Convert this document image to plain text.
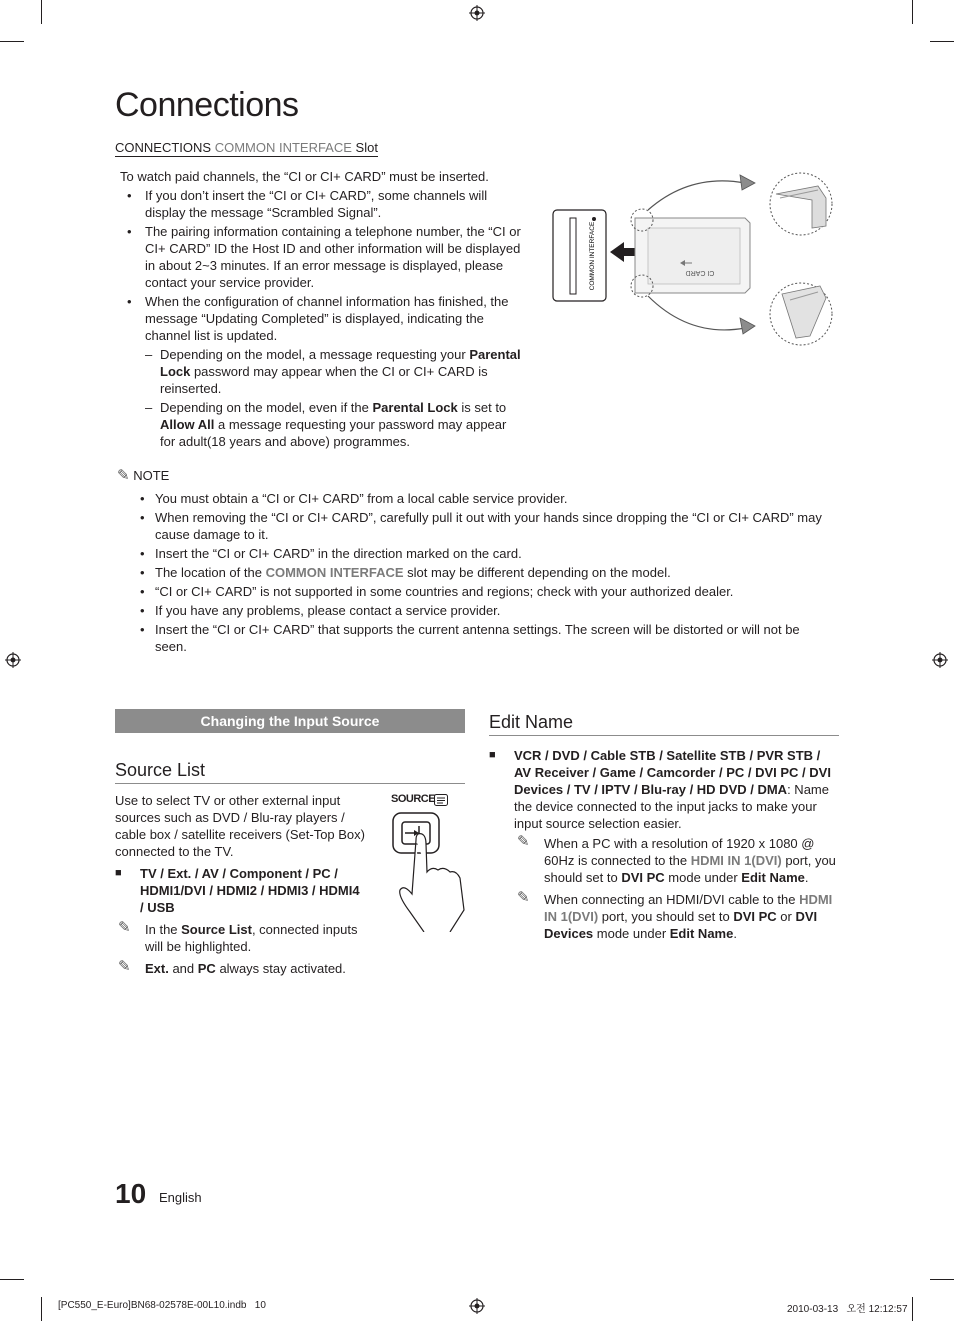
Connections
CONNECTIONS COMMON INTERFACE Slot
To watch paid channels, the “CI or CI+ CARD” must be inserted.
• If you don’t insert the “CI or CI+ CARD”, some channels will display the message “Scrambled Signal”.
• The pairing information containing a telephone number, the “CI or CI+ CARD” ID the Host ID and other information will be displayed in about 2~3 minutes. If an error message is displayed, please contact your service provider.
• When the configuration of channel information has finished, the message “Updating Completed” is displayed, indicating the channel list is updated.
– Depending on the model, a message requesting your Parental Lock password may appear when the CI or CI+ CARD is reinserted.
– Depending on the model, even if the Parental Lock is set to Allow All a message requesting your password may appear for adult(18 years and above) programmes.
COMMON INTERFACE	CI CARD
✎ NOTE
• You must obtain a “CI or CI+ CARD” from a local cable service provider.
• When removing the “CI or CI+ CARD”, carefully pull it out with your hands since dropping the “CI or CI+ CARD” may cause damage to it.
• Insert the “CI or CI+ CARD” in the direction marked on the card.
• The location of the COMMON INTERFACE slot may be different depending on the model.
• “CI or CI+ CARD” is not supported in some countries and regions; check with your authorized dealer.
• If you have any problems, please contact a service provider.
• Insert the “CI or CI+ CARD” that supports the current antenna settings. The screen will be distorted or will not be seen.
Changing the Input Source
Source List
Use to select TV or other external input sources such as DVD / Blu-ray players / cable box / satellite receivers (Set-Top Box) connected to the TV.
■ TV / Ext. / AV / Component / PC / HDMI1/DVI / HDMI2 / HDMI3 / HDMI4 / USB
✎ In the Source List, connected inputs will be highlighted.
✎ Ext. and PC always stay activated.
SOURCE
Edit Name
■ VCR / DVD / Cable STB / Satellite STB / PVR STB / AV Receiver / Game / Camcorder / PC / DVI PC / DVI Devices / TV / IPTV / Blu-ray / HD DVD / DMA: Name the device connected to the input jacks to make your input source selection easier.
✎ When a PC with a resolution of 1920 x 1080 @ 60Hz is connected to the HDMI IN 1(DVI) port, you should set to DVI PC mode under Edit Name.
✎ When connecting an HDMI/DVI cable to the HDMI IN 1(DVI) port, you should set to DVI PC or DVI Devices mode under Edit Name.
10 English
[PC550_E-Euro]BN68-02578E-00L10.indb   10	2010-03-13   오전 12:12:57
